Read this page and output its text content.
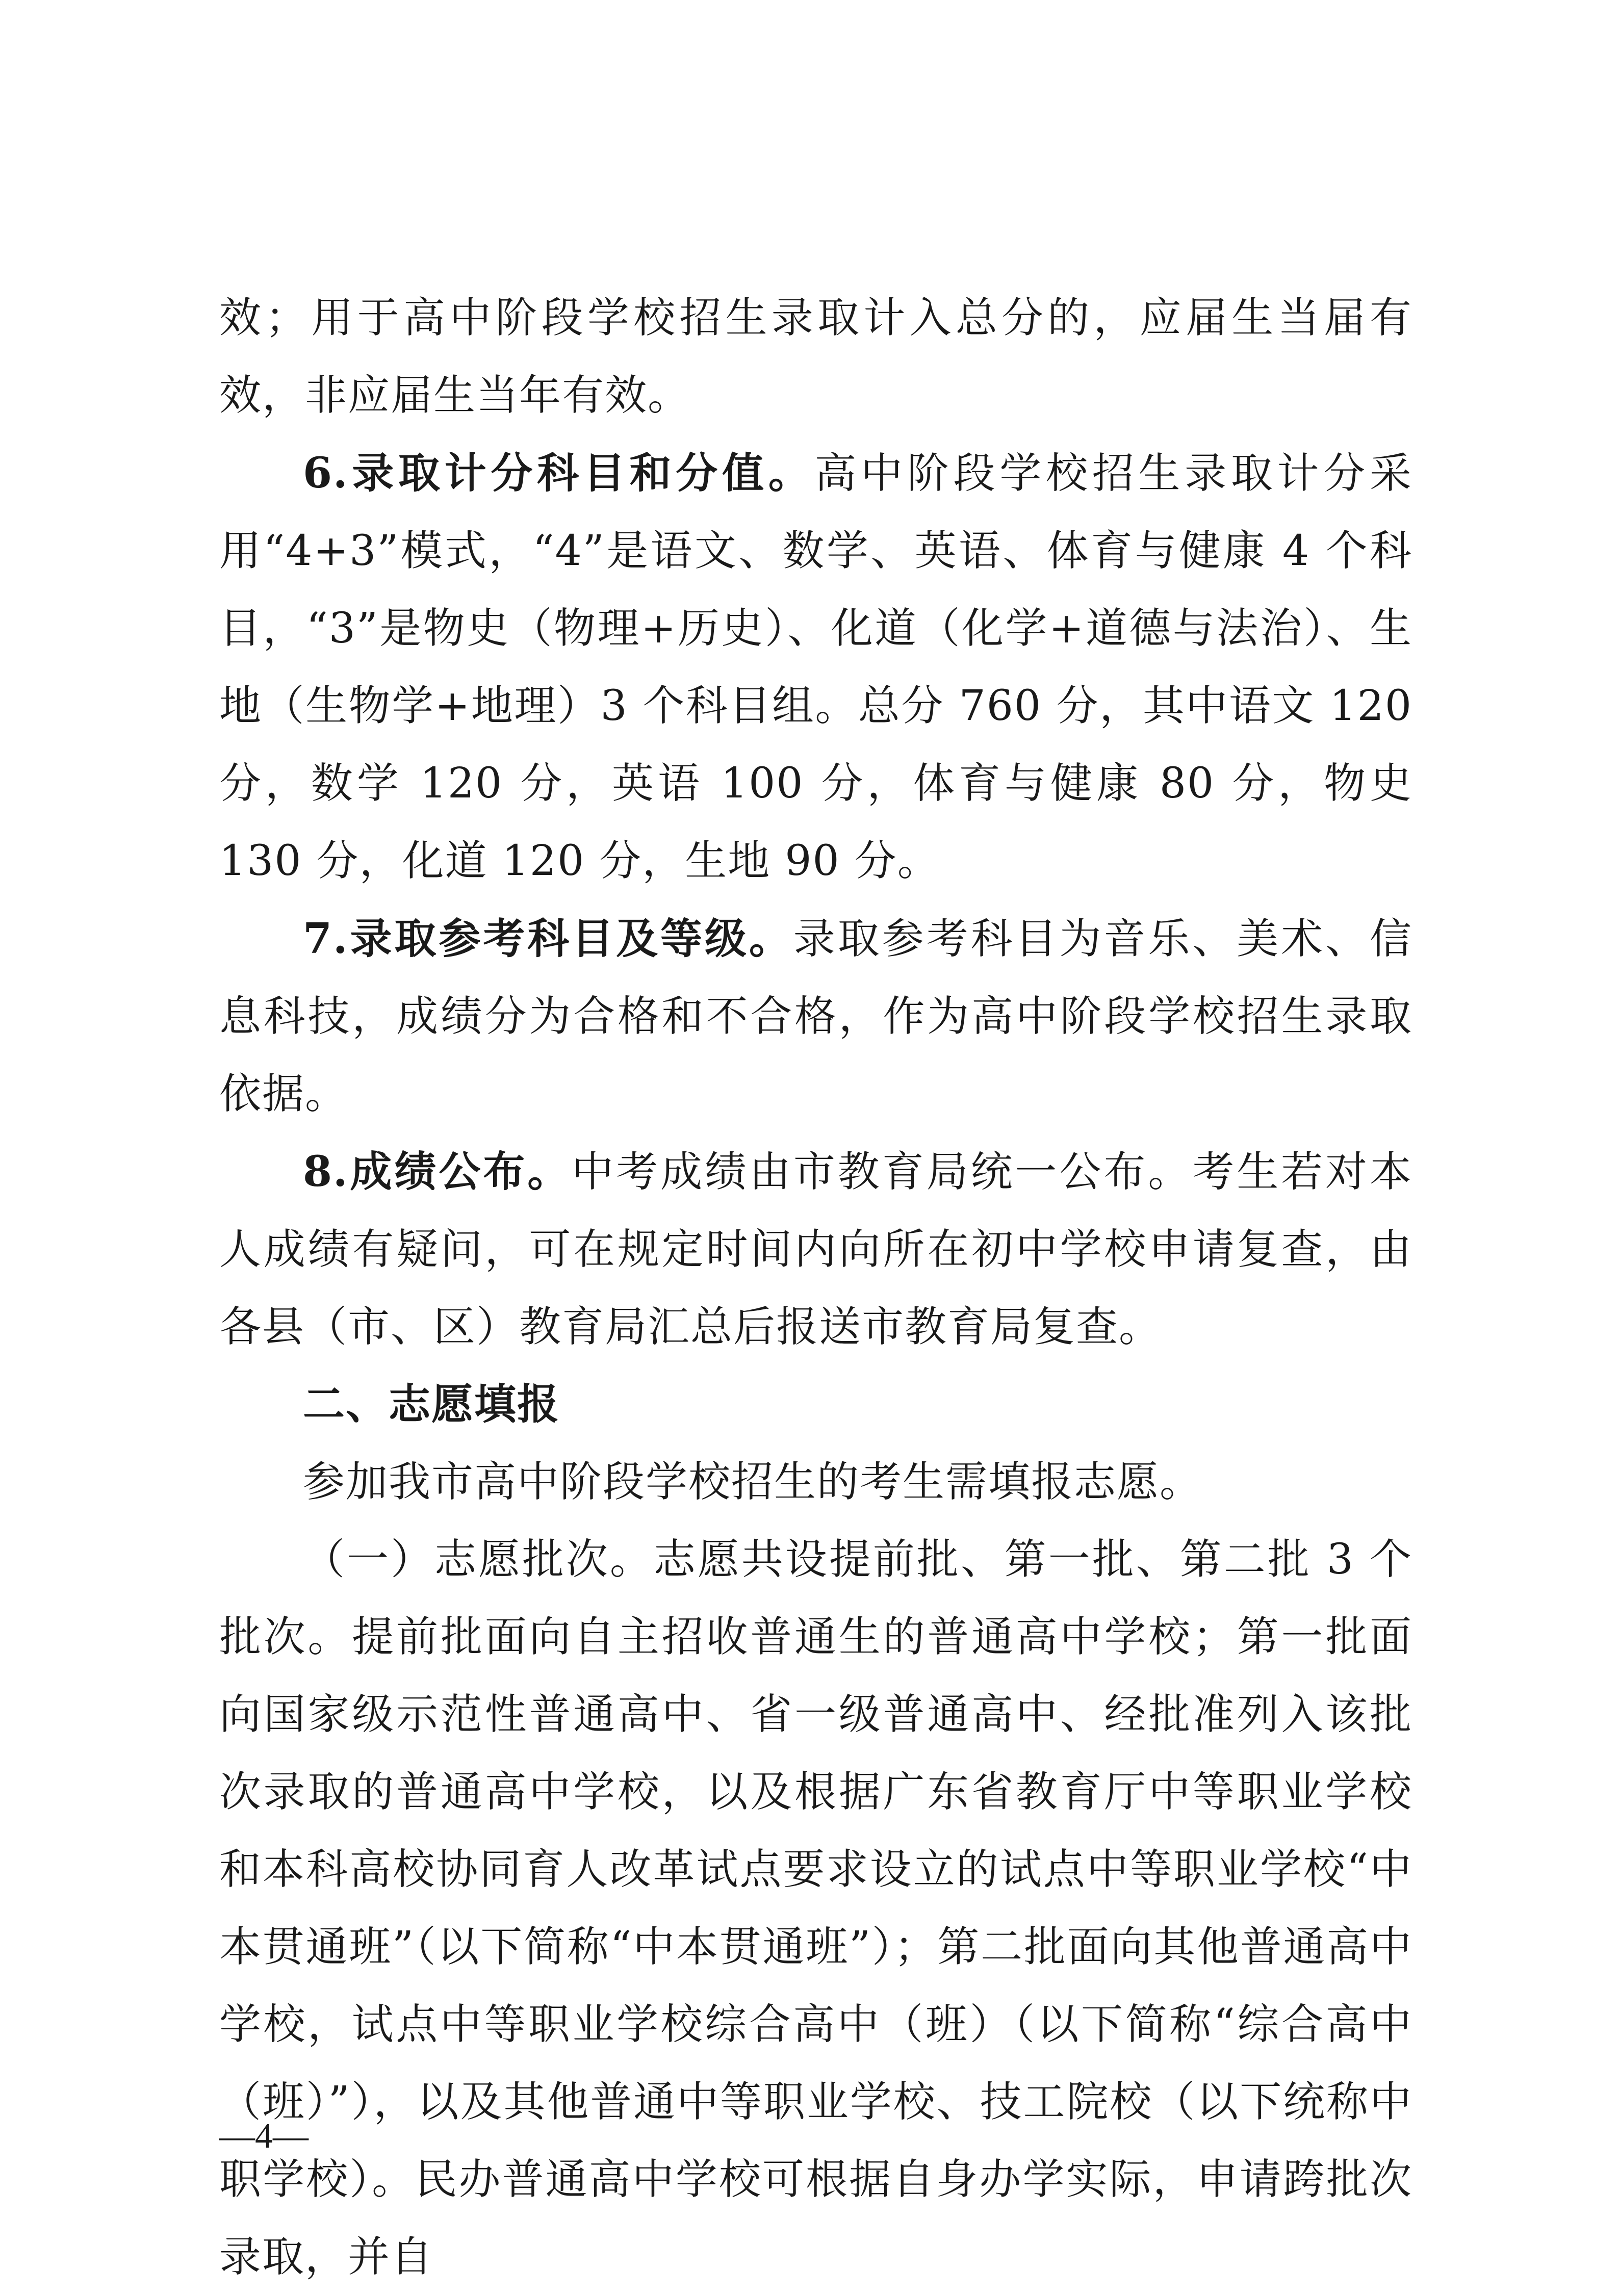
效；用于高中阶段学校招生录取计入总分的，应届生当届有效，非应届生当年有效。

6.录取计分科目和分值。高中阶段学校招生录取计分采用“4+3”模式，“4”是语文、数学、英语、体育与健康 4 个科目，“3”是物史（物理+历史）、化道（化学+道德与法治）、生地（生物学+地理）3 个科目组。总分 760 分，其中语文 120 分，数学 120 分，英语 100 分，体育与健康 80 分，物史 130 分，化道 120 分，生地 90 分。

7.录取参考科目及等级。录取参考科目为音乐、美术、信息科技，成绩分为合格和不合格，作为高中阶段学校招生录取依据。

8.成绩公布。中考成绩由市教育局统一公布。考生若对本人成绩有疑问，可在规定时间内向所在初中学校申请复查，由各县（市、区）教育局汇总后报送市教育局复查。

二、志愿填报

参加我市高中阶段学校招生的考生需填报志愿。

（一）志愿批次。志愿共设提前批、第一批、第二批 3 个批次。提前批面向自主招收普通生的普通高中学校；第一批面向国家级示范性普通高中、省一级普通高中、经批准列入该批次录取的普通高中学校，以及根据广东省教育厅中等职业学校和本科高校协同育人改革试点要求设立的试点中等职业学校“中本贯通班”（以下简称“中本贯通班”）；第二批面向其他普通高中学校，试点中等职业学校综合高中（班）（以下简称“综合高中（班）”），以及其他普通中等职业学校、技工院校（以下统称中职学校）。民办普通高中学校可根据自身办学实际，申请跨批次录取，并自

—4—
